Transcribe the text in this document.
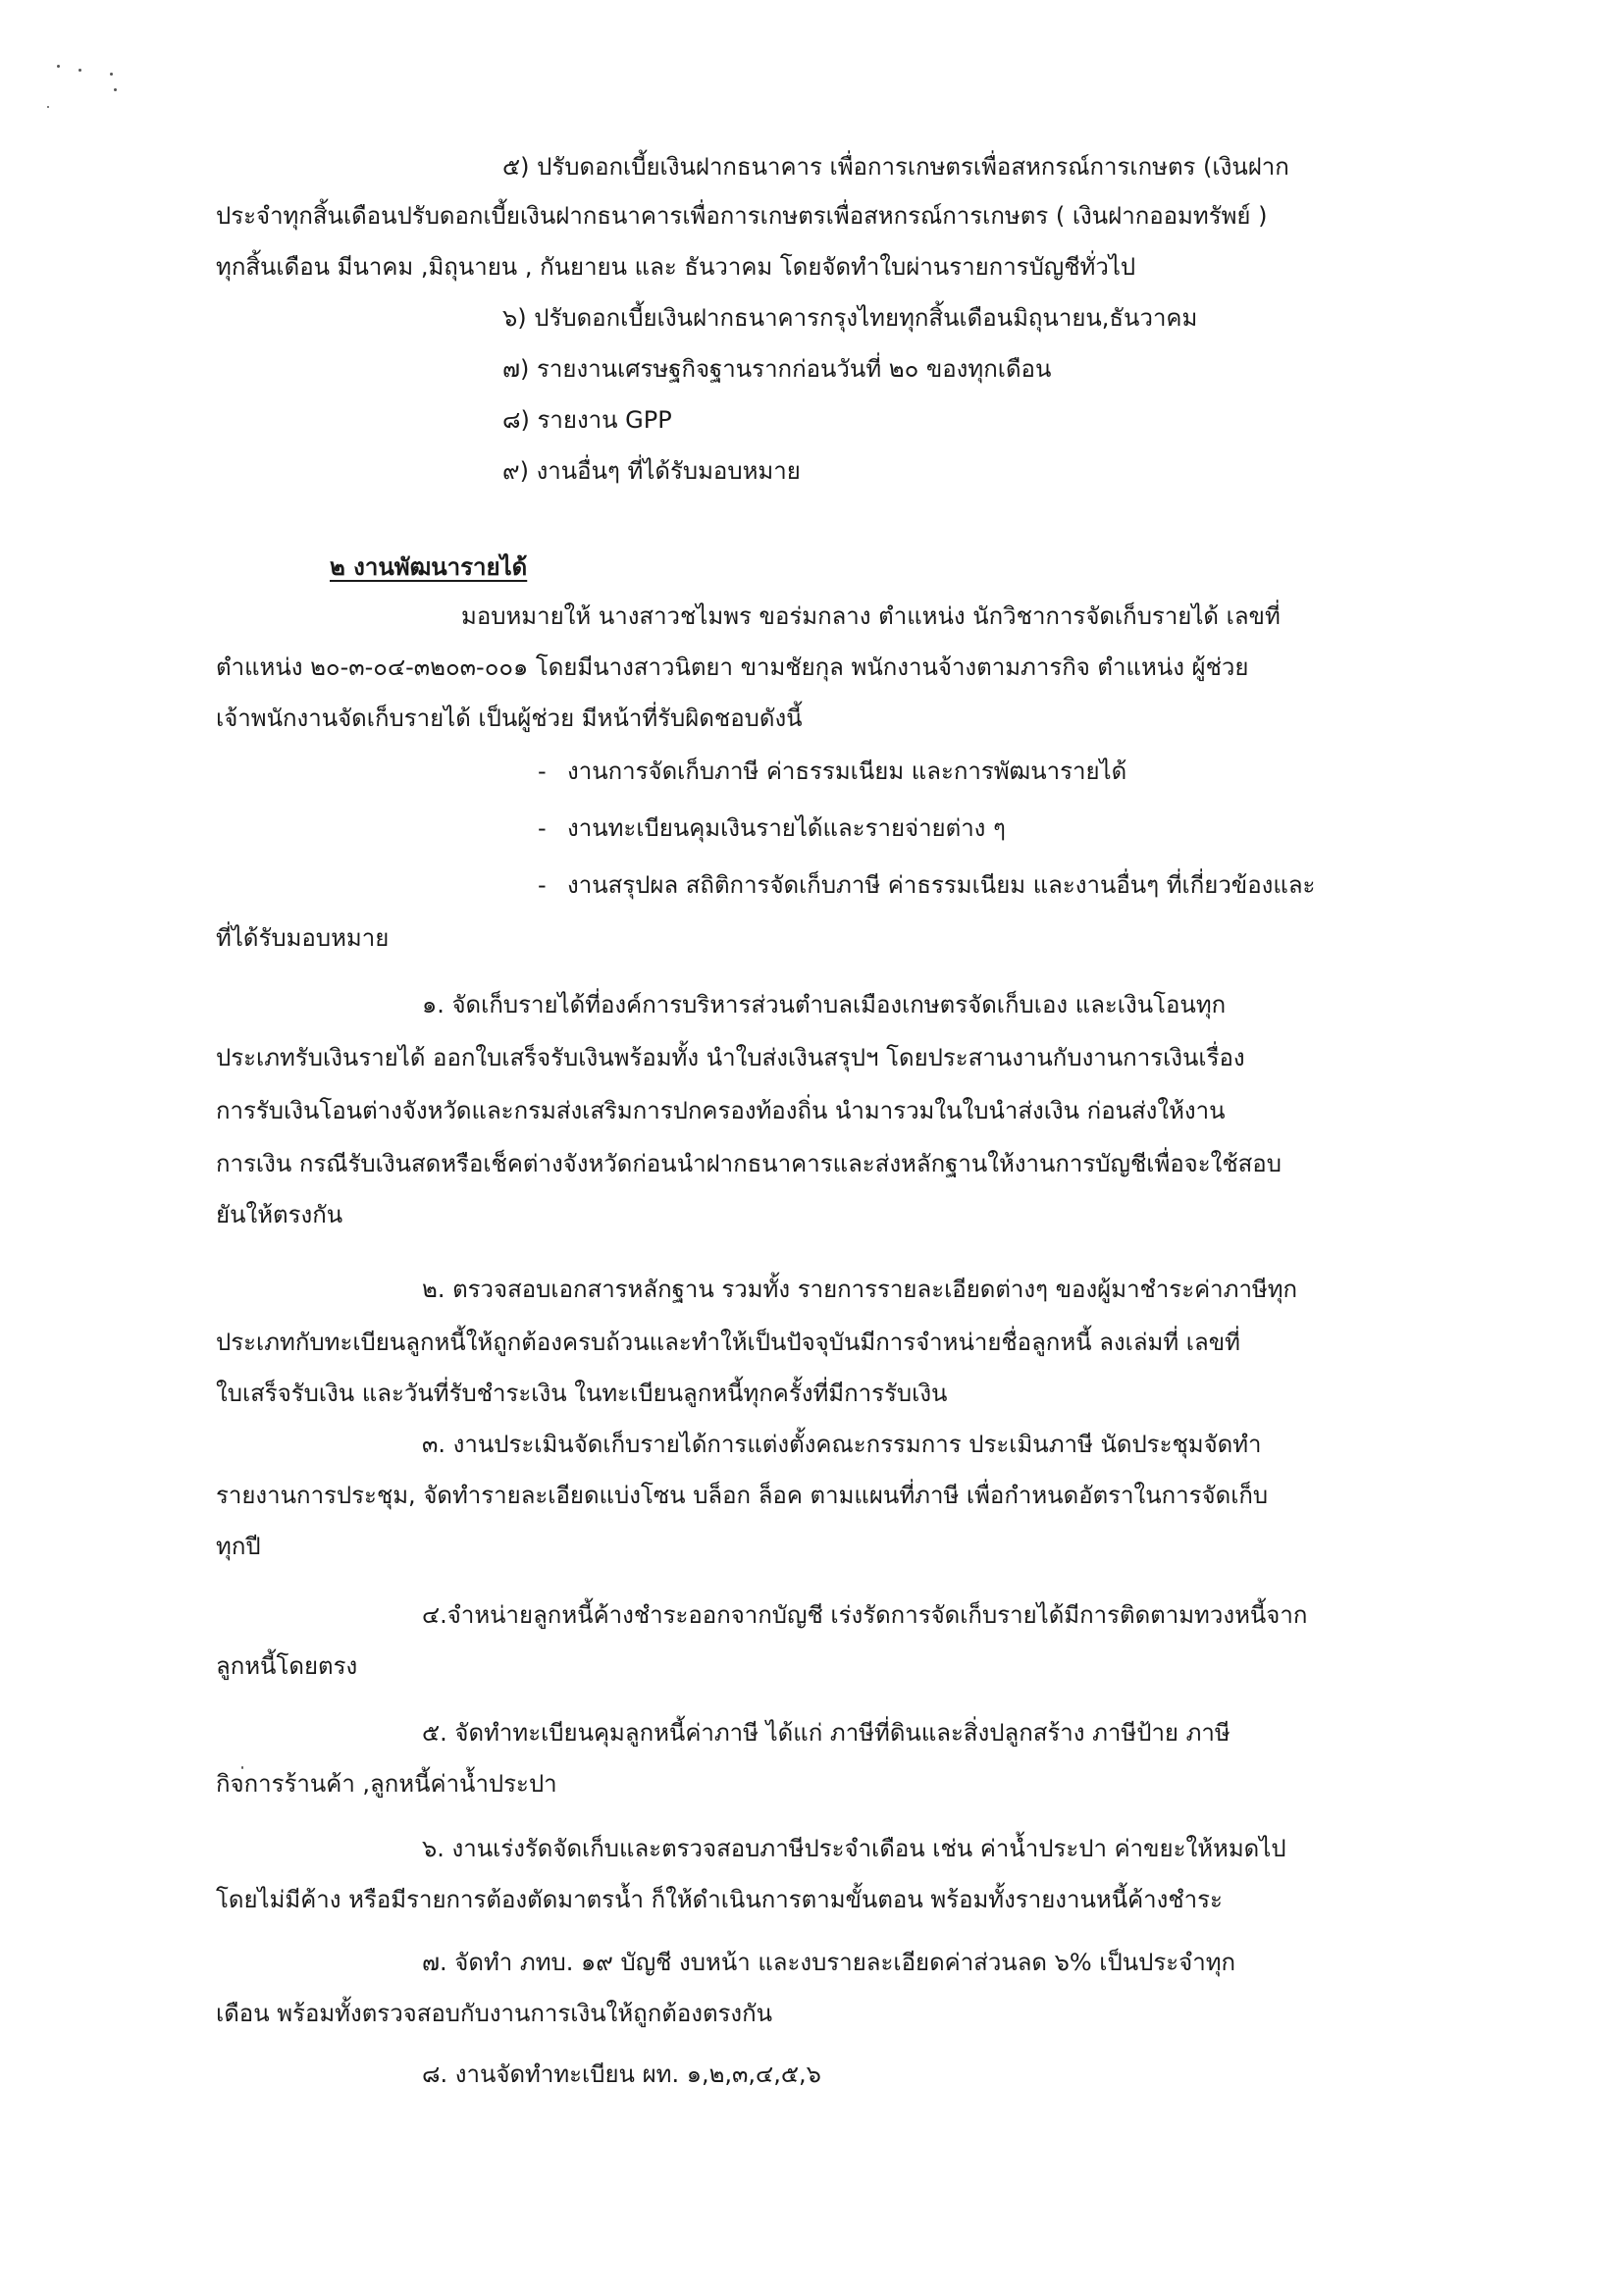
๕) ปรับดอกเบี้ยเงินฝากธนาคาร เพื่อการเกษตรเพื่อสหกรณ์การเกษตร (เงินฝาก

ประจำทุกสิ้นเดือนปรับดอกเบี้ยเงินฝากธนาคารเพื่อการเกษตรเพื่อสหกรณ์การเกษตร ( เงินฝากออมทรัพย์ )

ทุกสิ้นเดือน มีนาคม ,มิถุนายน , กันยายน และ ธันวาคม โดยจัดทำใบผ่านรายการบัญชีทั่วไป

๖) ปรับดอกเบี้ยเงินฝากธนาคารกรุงไทยทุกสิ้นเดือนมิถุนายน,ธันวาคม

๗) รายงานเศรษฐกิจฐานรากก่อนวันที่ ๒๐ ของทุกเดือน

๘) รายงาน GPP

๙) งานอื่นๆ ที่ได้รับมอบหมาย

๒ งานพัฒนารายได้

มอบหมายให้ นางสาวชไมพร ขอร่มกลาง ตำแหน่ง นักวิชาการจัดเก็บรายได้ เลขที่

ตำแหน่ง ๒๐-๓-๐๔-๓๒๐๓-๐๐๑ โดยมีนางสาวนิตยา ขามชัยกุล พนักงานจ้างตามภารกิจ ตำแหน่ง ผู้ช่วย

เจ้าพนักงานจัดเก็บรายได้ เป็นผู้ช่วย มีหน้าที่รับผิดชอบดังนี้

- งานการจัดเก็บภาษี ค่าธรรมเนียม และการพัฒนารายได้

- งานทะเบียนคุมเงินรายได้และรายจ่ายต่าง ๆ

- งานสรุปผล สถิติการจัดเก็บภาษี ค่าธรรมเนียม และงานอื่นๆ ที่เกี่ยวข้องและ

ที่ได้รับมอบหมาย

๑. จัดเก็บรายได้ที่องค์การบริหารส่วนตำบลเมืองเกษตรจัดเก็บเอง และเงินโอนทุก

ประเภทรับเงินรายได้ ออกใบเสร็จรับเงินพร้อมทั้ง นำใบส่งเงินสรุปฯ โดยประสานงานกับงานการเงินเรื่อง

การรับเงินโอนต่างจังหวัดและกรมส่งเสริมการปกครองท้องถิ่น นำมารวมในใบนำส่งเงิน ก่อนส่งให้งาน

การเงิน กรณีรับเงินสดหรือเช็คต่างจังหวัดก่อนนำฝากธนาคารและส่งหลักฐานให้งานการบัญชีเพื่อจะใช้สอบ

ยันให้ตรงกัน

๒. ตรวจสอบเอกสารหลักฐาน รวมทั้ง รายการรายละเอียดต่างๆ ของผู้มาชำระค่าภาษีทุก

ประเภทกับทะเบียนลูกหนี้ให้ถูกต้องครบถ้วนและทำให้เป็นปัจจุบันมีการจำหน่ายชื่อลูกหนี้ ลงเล่มที่ เลขที่

ใบเสร็จรับเงิน และวันที่รับชำระเงิน ในทะเบียนลูกหนี้ทุกครั้งที่มีการรับเงิน

๓. งานประเมินจัดเก็บรายได้การแต่งตั้งคณะกรรมการ ประเมินภาษี นัดประชุมจัดทำ

รายงานการประชุม, จัดทำรายละเอียดแบ่งโซน บล็อก ล็อค ตามแผนที่ภาษี เพื่อกำหนดอัตราในการจัดเก็บ

ทุกปี

๔.จำหน่ายลูกหนี้ค้างชำระออกจากบัญชี เร่งรัดการจัดเก็บรายได้มีการติดตามทวงหนี้จาก

ลูกหนี้โดยตรง

๕. จัดทำทะเบียนคุมลูกหนี้ค่าภาษี ได้แก่ ภาษีที่ดินและสิ่งปลูกสร้าง ภาษีป้าย ภาษี

กิจการร้านค้า ,ลูกหนี้ค่าน้ำประปา

๖. งานเร่งรัดจัดเก็บและตรวจสอบภาษีประจำเดือน เช่น ค่าน้ำประปา ค่าขยะให้หมดไป

โดยไม่มีค้าง หรือมีรายการต้องตัดมาตรน้ำ ก็ให้ดำเนินการตามขั้นตอน พร้อมทั้งรายงานหนี้ค้างชำระ

๗. จัดทำ ภทบ. ๑๙ บัญชี งบหน้า และงบรายละเอียดค่าส่วนลด ๖% เป็นประจำทุก

เดือน พร้อมทั้งตรวจสอบกับงานการเงินให้ถูกต้องตรงกัน

๘. งานจัดทำทะเบียน ผท. ๑,๒,๓,๔,๕,๖
